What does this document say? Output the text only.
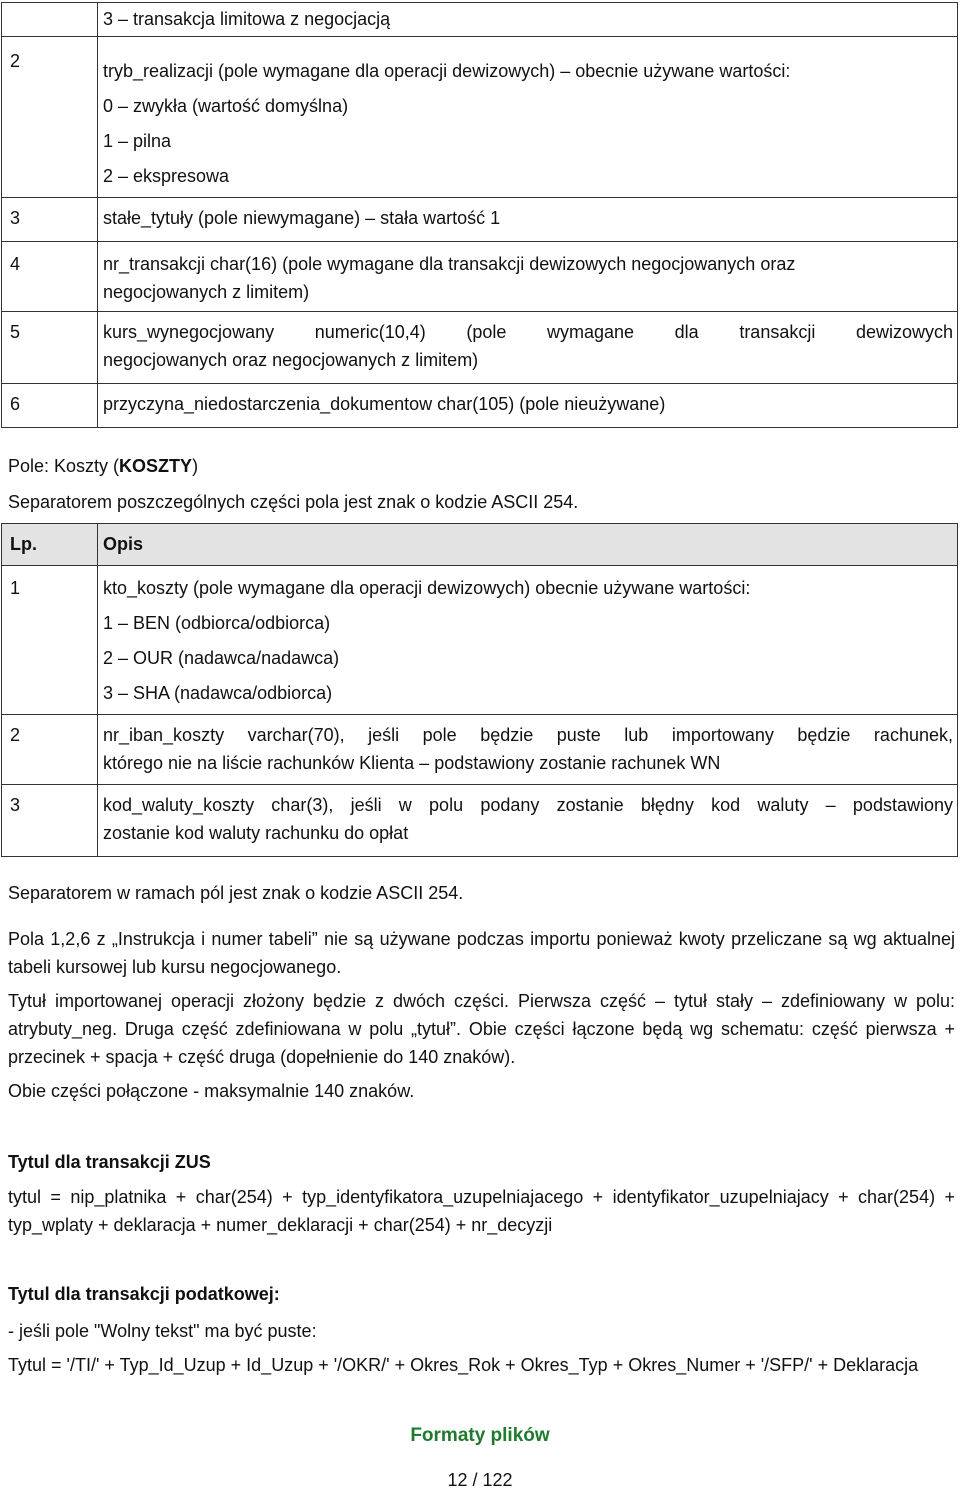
	3 – transakcja limitowa z negocjacją

2	tryb_realizacji (pole wymagane dla operacji dewizowych) – obecnie używane wartości:
0 – zwykła (wartość domyślna)
1 – pilna
2 – ekspresowa

3	stałe_tytuły (pole niewymagane) – stała wartość 1

4	nr_transakcji char(16) (pole wymagane dla transakcji dewizowych negocjowanych oraz
negocjowanych z limitem)

5	kurs_wynegocjowany numeric(10,4) (pole wymagane dla transakcji dewizowych
negocjowanych oraz negocjowanych z limitem)

6	przyczyna_niedostarczenia_dokumentow char(105) (pole nieużywane)
Pole: Koszty (KOSZTY)
Separatorem poszczególnych części pola jest znak o kodzie ASCII 254.
Lp.	Opis

1	kto_koszty (pole wymagane dla operacji dewizowych) obecnie używane wartości:
1 – BEN (odbiorca/odbiorca)
2 – OUR (nadawca/nadawca)
3 – SHA (nadawca/odbiorca)

2	nr_iban_koszty varchar(70), jeśli pole będzie puste lub importowany będzie rachunek,
którego nie na liście rachunków Klienta – podstawiony zostanie rachunek WN

3	kod_waluty_koszty char(3), jeśli w polu podany zostanie błędny kod waluty – podstawiony
zostanie kod waluty rachunku do opłat
Separatorem w ramach pól jest znak o kodzie ASCII 254.
Pola 1,2,6 z „Instrukcja i numer tabeli” nie są używane podczas importu ponieważ kwoty przeliczane są wg aktualnej tabeli kursowej lub kursu negocjowanego.
Tytuł importowanej operacji złożony będzie z dwóch części. Pierwsza część – tytuł stały – zdefiniowany w polu: atrybuty_neg. Druga część zdefiniowana w polu „tytuł”. Obie części łączone będą wg schematu: część pierwsza + przecinek + spacja + część druga (dopełnienie do 140 znaków).
Obie części połączone - maksymalnie 140 znaków.
Tytul dla transakcji ZUS
tytul = nip_platnika + char(254) + typ_identyfikatora_uzupelniajacego + identyfikator_uzupelniajacy + char(254) + typ_wplaty + deklaracja + numer_deklaracji + char(254) + nr_decyzji
Tytul dla transakcji podatkowej:
- jeśli pole "Wolny tekst" ma być puste:
Tytul = '/TI/' + Typ_Id_Uzup + Id_Uzup + '/OKR/' + Okres_Rok + Okres_Typ + Okres_Numer + '/SFP/' + Deklaracja
Formaty plików
12 / 122
